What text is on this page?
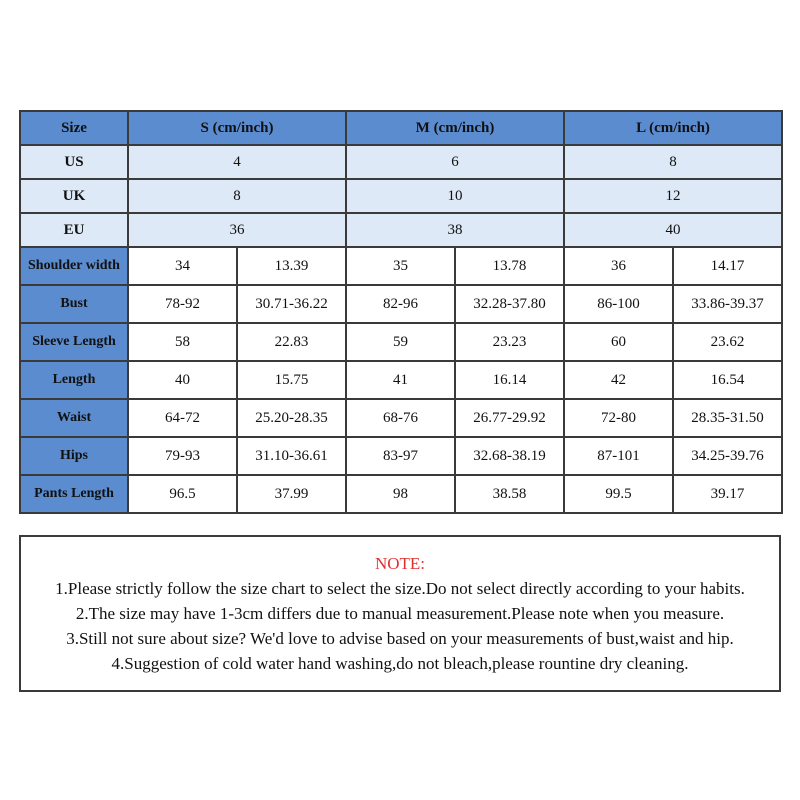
Size	S (cm/inch)		M (cm/inch)		L (cm/inch)	
US	4		6		8	
UK	8		10		12	
EU	36		38		40	
Shoulder width	34	13.39	35	13.78	36	14.17
Bust	78-92	30.71-36.22	82-96	32.28-37.80	86-100	33.86-39.37
Sleeve Length	58	22.83	59	23.23	60	23.62
Length	40	15.75	41	16.14	42	16.54
Waist	64-72	25.20-28.35	68-76	26.77-29.92	72-80	28.35-31.50
Hips	79-93	31.10-36.61	83-97	32.68-38.19	87-101	34.25-39.76
Pants Length	96.5	37.99	98	38.58	99.5	39.17
NOTE:
1.Please strictly follow the size chart to select the size.Do not select directly according to your habits.
2.The size may have 1-3cm differs due to manual measurement.Please note when you measure.
3.Still not sure about size? We'd love to advise based on your measurements of bust,waist and hip.
4.Suggestion of cold water hand washing,do not bleach,please rountine dry cleaning.
